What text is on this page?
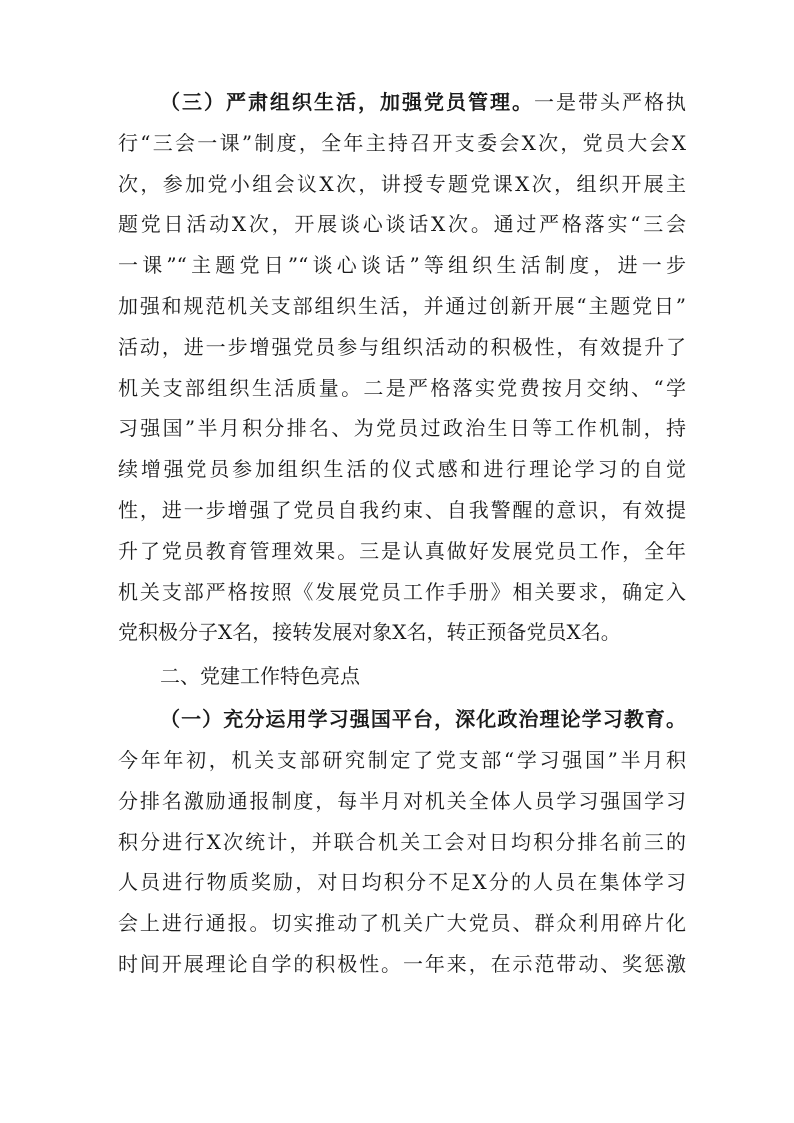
（三）严肃组织生活，加强党员管理。一是带头严格执
行“三会一课”制度，全年主持召开支委会X次，党员大会X
次，参加党小组会议X次，讲授专题党课X次，组织开展主
题党日活动X次，开展谈心谈话X次。通过严格落实“三会
一课”“主题党日”“谈心谈话”等组织生活制度，进一步
加强和规范机关支部组织生活，并通过创新开展“主题党日”
活动，进一步增强党员参与组织活动的积极性，有效提升了
机关支部组织生活质量。二是严格落实党费按月交纳、“学
习强国”半月积分排名、为党员过政治生日等工作机制，持
续增强党员参加组织生活的仪式感和进行理论学习的自觉
性，进一步增强了党员自我约束、自我警醒的意识，有效提
升了党员教育管理效果。三是认真做好发展党员工作，全年
机关支部严格按照《发展党员工作手册》相关要求，确定入
党积极分子X名，接转发展对象X名，转正预备党员X名。
二、党建工作特色亮点
（一）充分运用学习强国平台，深化政治理论学习教育。
今年年初，机关支部研究制定了党支部“学习强国”半月积
分排名激励通报制度，每半月对机关全体人员学习强国学习
积分进行X次统计，并联合机关工会对日均积分排名前三的
人员进行物质奖励，对日均积分不足X分的人员在集体学习
会上进行通报。切实推动了机关广大党员、群众利用碎片化
时间开展理论自学的积极性。一年来，在示范带动、奖惩激
